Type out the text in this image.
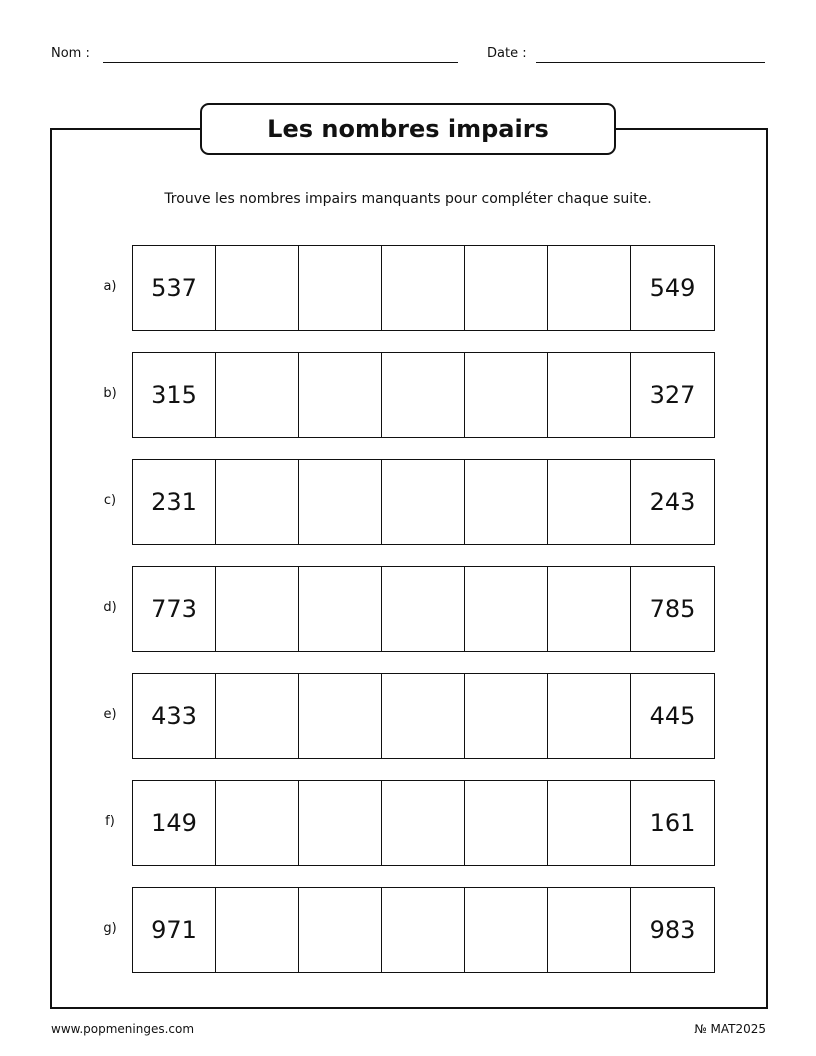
Nom :	Date :
Les nombres impairs
Trouve les nombres impairs manquants pour compléter chaque suite.
a)	537	549
b)	315	327
c)	231	243
d)	773	785
e)	433	445
f)	149	161
g)	971	983
www.popmeninges.com	№ MAT2025
